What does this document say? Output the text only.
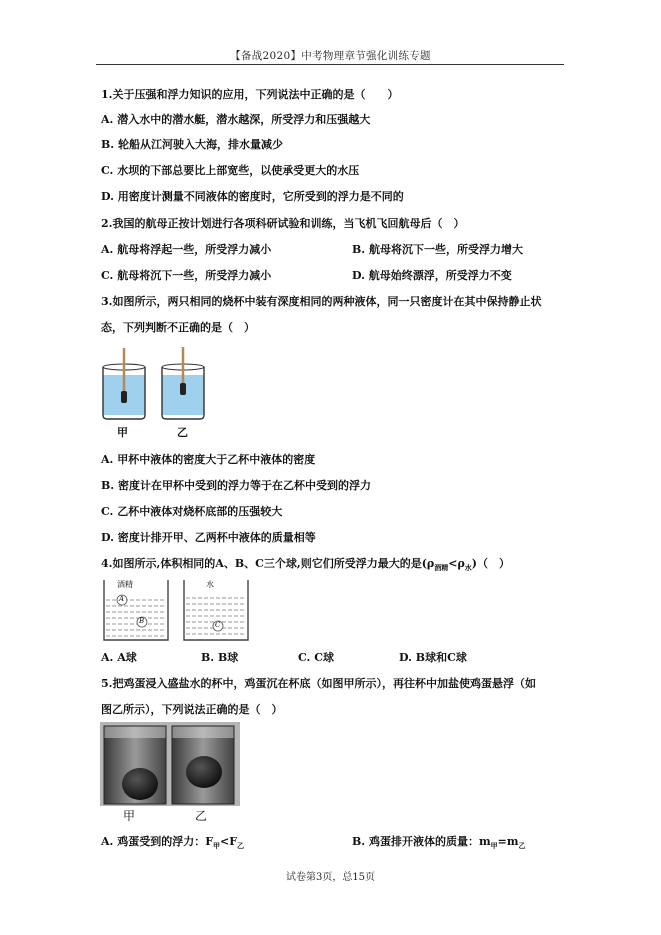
【备战2020】中考物理章节强化训练专题
1.关于压强和浮力知识的应用，下列说法中正确的是（　　）
A. 潜入水中的潜水艇，潜水越深，所受浮力和压强越大
B. 轮船从江河驶入大海，排水量减少
C. 水坝的下部总要比上部宽些，以使承受更大的水压
D. 用密度计测量不同液体的密度时，它所受到的浮力是不同的
2.我国的航母正按计划进行各项科研试验和训练，当飞机飞回航母后（　）
A. 航母将浮起一些，所受浮力减小	B. 航母将沉下一些，所受浮力增大
C. 航母将沉下一些，所受浮力减小	D. 航母始终漂浮，所受浮力不变
3.如图所示，两只相同的烧杯中装有深度相同的两种液体，同一只密度计在其中保持静止状
态，下列判断不正确的是（　）
甲	乙
A. 甲杯中液体的密度大于乙杯中液体的密度
B. 密度计在甲杯中受到的浮力等于在乙杯中受到的浮力
C. 乙杯中液体对烧杯底部的压强较大
D. 密度计排开甲、乙两杯中液体的质量相等
4.如图所示,体积相同的A、B、C三个球,则它们所受浮力最大的是$(\rho_{酒精}<\rho_水)$（　）
酒精	水
A
B	C
A. A球	B. B球	C. C球	D. B球和C球
5.把鸡蛋浸入盛盐水的杯中，鸡蛋沉在杯底（如图甲所示），再往杯中加盐使鸡蛋悬浮（如
图乙所示），下列说法正确的是（　）
甲	乙
A. 鸡蛋受到的浮力：$F_甲<F_乙$	B. 鸡蛋排开液体的质量：$m_甲=m_乙$
试卷第3页，总15页
